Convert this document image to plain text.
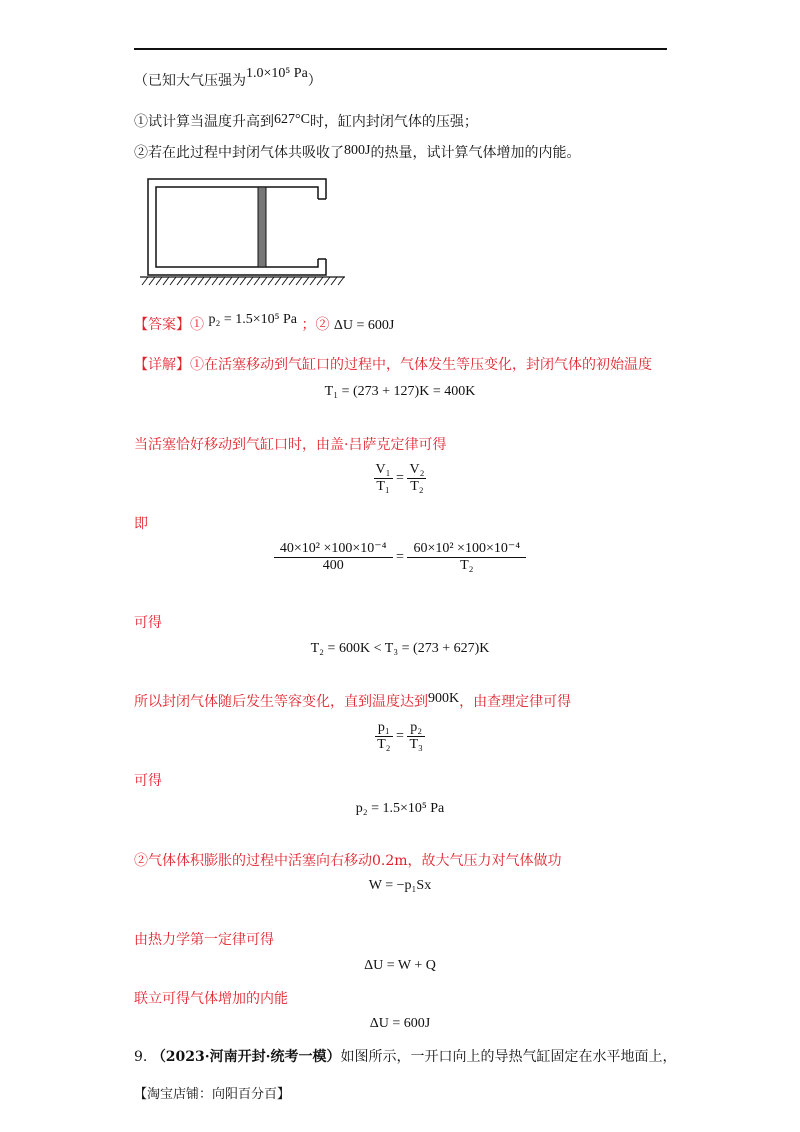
（已知大气压强为1.0×10⁵ Pa）
①试计算当温度升高到627°C时，缸内封闭气体的压强；
②若在此过程中封闭气体共吸收了800J的热量，试计算气体增加的内能。
【答案】① p₂ = 1.5×10⁵ Pa ；② ΔU = 600J
【详解】①在活塞移动到气缸口的过程中，气体发生等压变化，封闭气体的初始温度
T₁ = (273 + 127)K = 400K
当活塞恰好移动到气缸口时，由盖·吕萨克定律可得
$\frac{\text{V₁}}{\text{T₁}} = \frac{\text{V₂}}{\text{T₂}}$
即
$\frac{\text{40×10² ×100×10⁻⁴}}{400} = \frac{\text{60×10² ×100×10⁻⁴}}{\text{T₂}}$
可得
T₂ = 600K < T₃ = (273 + 627)K
所以封闭气体随后发生等容变化，直到温度达到900K，由查理定律可得
$\frac{\text{p₁}}{\text{T₂}} = \frac{\text{p₂}}{\text{T₃}}$
可得
p₂ = 1.5×10⁵ Pa
②气体体积膨胀的过程中活塞向右移动0.2m，故大气压力对气体做功
W = −p₁Sx
由热力学第一定律可得
ΔU = W + Q
联立可得气体增加的内能
ΔU = 600J
9. （2023·河南开封·统考一模）如图所示，一开口向上的导热气缸固定在水平地面上，
【淘宝店铺：向阳百分百】
